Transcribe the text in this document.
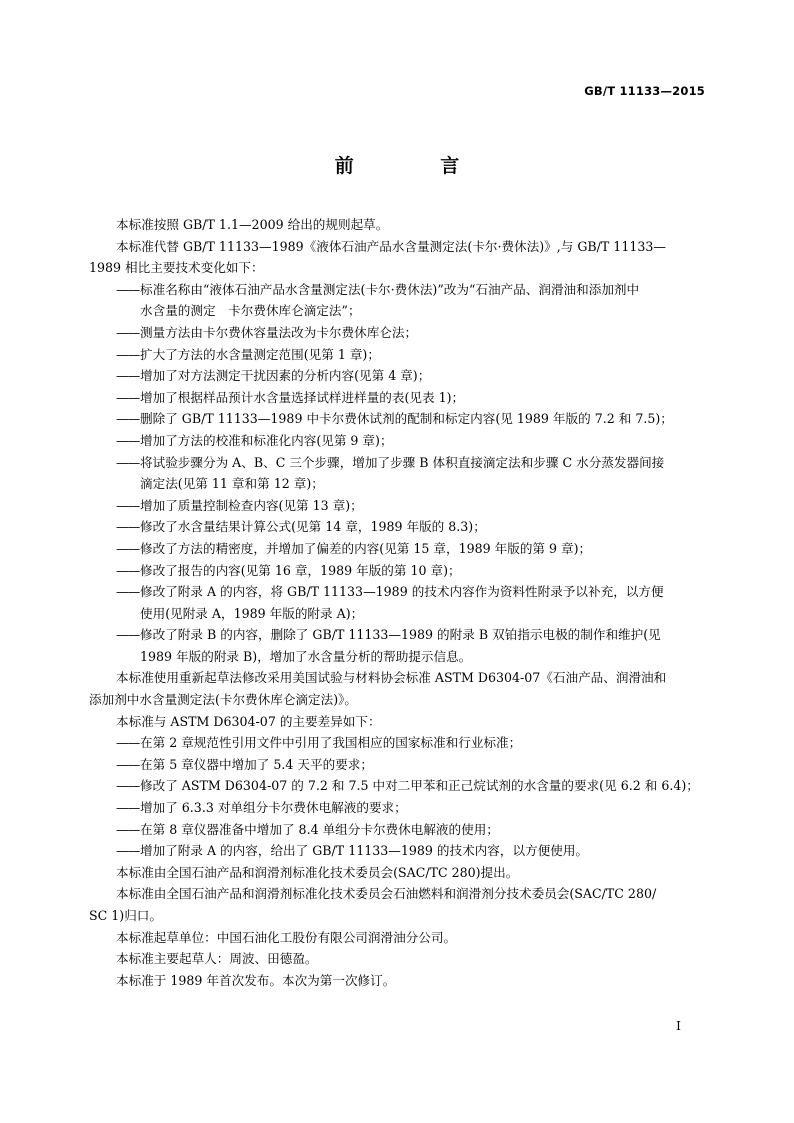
GB/T 11133—2015
前 言

本标准按照 GB/T 1.1—2009 给出的规则起草。

本标准代替 GB/T 11133—1989《液体石油产品水含量测定法(卡尔·费休法)》,与 GB/T 11133—

1989 相比主要技术变化如下：

—— 标准名称由“液体石油产品水含量测定法(卡尔·费休法)”改为“石油产品、润滑油和添加剂中
水含量的测定　卡尔费休库仑滴定法”；
—— 测量方法由卡尔费休容量法改为卡尔费休库仑法；
—— 扩大了方法的水含量测定范围(见第 1 章)；
—— 增加了对方法测定干扰因素的分析内容(见第 4 章)；
—— 增加了根据样品预计水含量选择试样进样量的表(见表 1)；
—— 删除了 GB/T 11133—1989 中卡尔费休试剂的配制和标定内容(见 1989 年版的 7.2 和 7.5)；
—— 增加了方法的校准和标准化内容(见第 9 章)；
—— 将试验步骤分为 A、B、C 三个步骤，增加了步骤 B 体积直接滴定法和步骤 C 水分蒸发器间接
滴定法(见第 11 章和第 12 章)；
—— 增加了质量控制检查内容(见第 13 章)；
—— 修改了水含量结果计算公式(见第 14 章，1989 年版的 8.3)；
—— 修改了方法的精密度，并增加了偏差的内容(见第 15 章，1989 年版的第 9 章)；
—— 修改了报告的内容(见第 16 章，1989 年版的第 10 章)；
—— 修改了附录 A 的内容，将 GB/T 11133—1989 的技术内容作为资料性附录予以补充，以方便
使用(见附录 A，1989 年版的附录 A)；
—— 修改了附录 B 的内容，删除了 GB/T 11133—1989 的附录 B 双铂指示电极的制作和维护(见
1989 年版的附录 B)，增加了水含量分析的帮助提示信息。

本标准使用重新起草法修改采用美国试验与材料协会标准 ASTM D6304-07《石油产品、润滑油和

添加剂中水含量测定法(卡尔费休库仑滴定法)》。

本标准与 ASTM D6304-07 的主要差异如下：

—— 在第 2 章规范性引用文件中引用了我国相应的国家标准和行业标准；
—— 在第 5 章仪器中增加了 5.4 天平的要求；
—— 修改了 ASTM D6304-07 的 7.2 和 7.5 中对二甲苯和正己烷试剂的水含量的要求(见 6.2 和 6.4)；
—— 增加了 6.3.3 对单组分卡尔费休电解液的要求；
—— 在第 8 章仪器准备中增加了 8.4 单组分卡尔费休电解液的使用；
—— 增加了附录 A 的内容，给出了 GB/T 11133—1989 的技术内容，以方便使用。

本标准由全国石油产品和润滑剂标准化技术委员会(SAC/TC 280)提出。

本标准由全国石油产品和润滑剂标准化技术委员会石油燃料和润滑剂分技术委员会(SAC/TC 280/

SC 1)归口。

本标准起草单位：中国石油化工股份有限公司润滑油分公司。

本标准主要起草人：周波、田德盈。

本标准于 1989 年首次发布。本次为第一次修订。

I
